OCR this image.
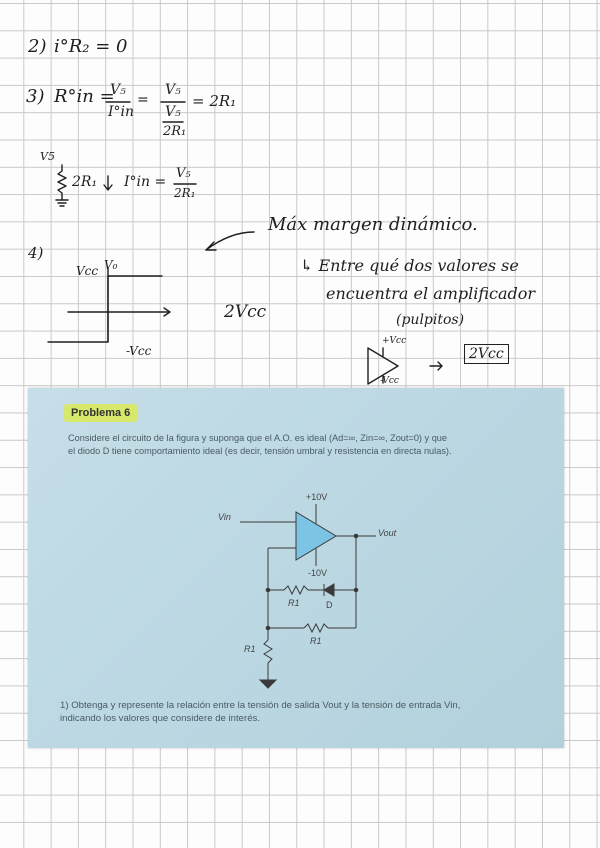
2) i°R₂ = 0
3) R°in =
V₅
I°in
=
V₅
V₅
2R₁
= 2R₁
V5
2R₁ I°in =
V₅
2R₁
4)
Vcc V₀
-Vcc
2Vcc
Máx margen dinámico.
↳ Entre qué dos valores se
encuentra el amplificador
(pulpitos)
+Vcc
-Vcc
2Vcc
Problema 6
Considere el circuito de la figura y suponga que el A.O. es ideal (Ad=∞, Zin=∞, Zout=0) y que
el diodo D tiene comportamiento ideal (es decir, tensión umbral y resistencia en directa nulas).
+10V
-10V
Vin
Vout
R1	D
R1
R1
1) Obtenga y represente la relación entre la tensión de salida Vout y la tensión de entrada Vin,
indicando los valores que considere de interés.
